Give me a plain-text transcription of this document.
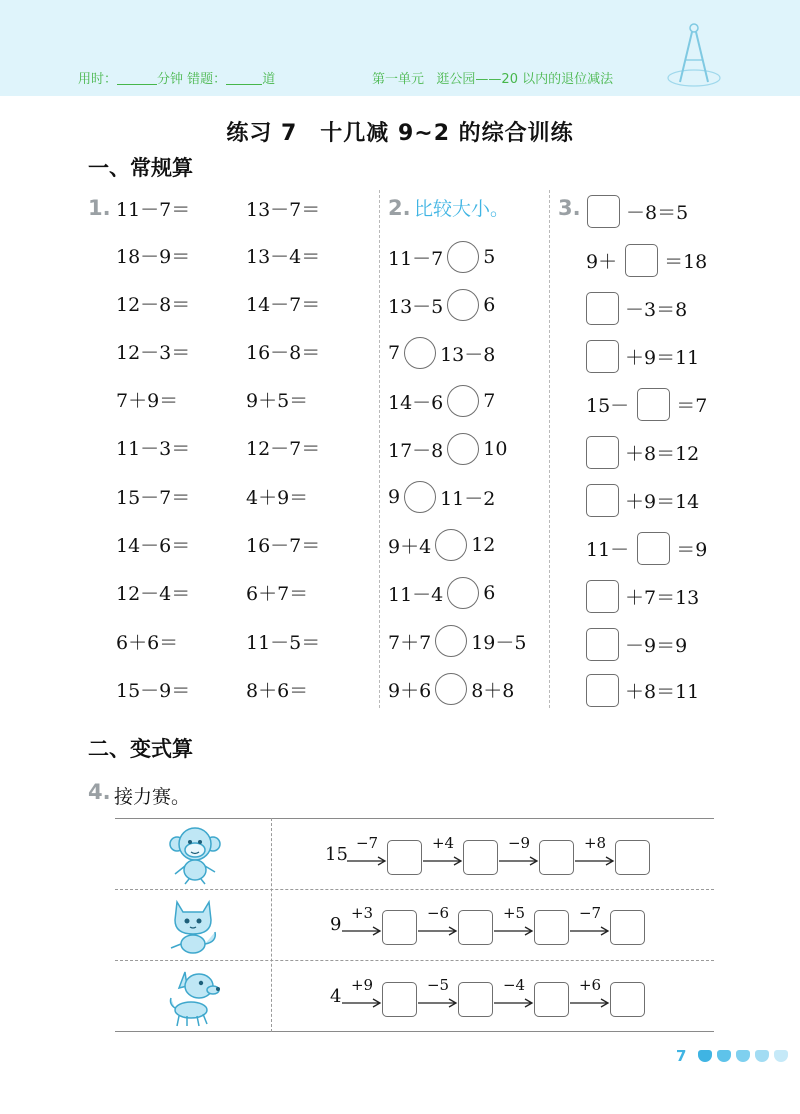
用时：	分钟 错题：	道	第一单元 逛公园——20 以内的退位减法
练习 7　十几减 9~2 的综合训练
一、常规算
1. 11－7＝
18－9＝
12－8＝
12－3＝
7＋9＝
11－3＝
15－7＝
14－6＝
12－4＝
6＋6＝
15－9＝
13－7＝
13－4＝
14－7＝
16－8＝
9＋5＝
12－7＝
4＋9＝
16－7＝
6＋7＝
11－5＝
8＋6＝
2. 比较大小。
11－7 5
13－5 6
7 13－8
14－6 7
17－8 10
9 11－2
9＋4 12
11－4 6
7＋7 19－5
9＋6 8＋8
3. －8＝5
9＋ ＝18
－3＝8
＋9＝11
15－ ＝7
＋8＝12
＋9＝14
11－ ＝9
＋7＝13
－9＝9
＋8＝11
二、变式算
4. 接力赛。
15
−7	+4	−9	+8
9
+3	−6	+5	−7
4
+9	−5	−4	+6
7
